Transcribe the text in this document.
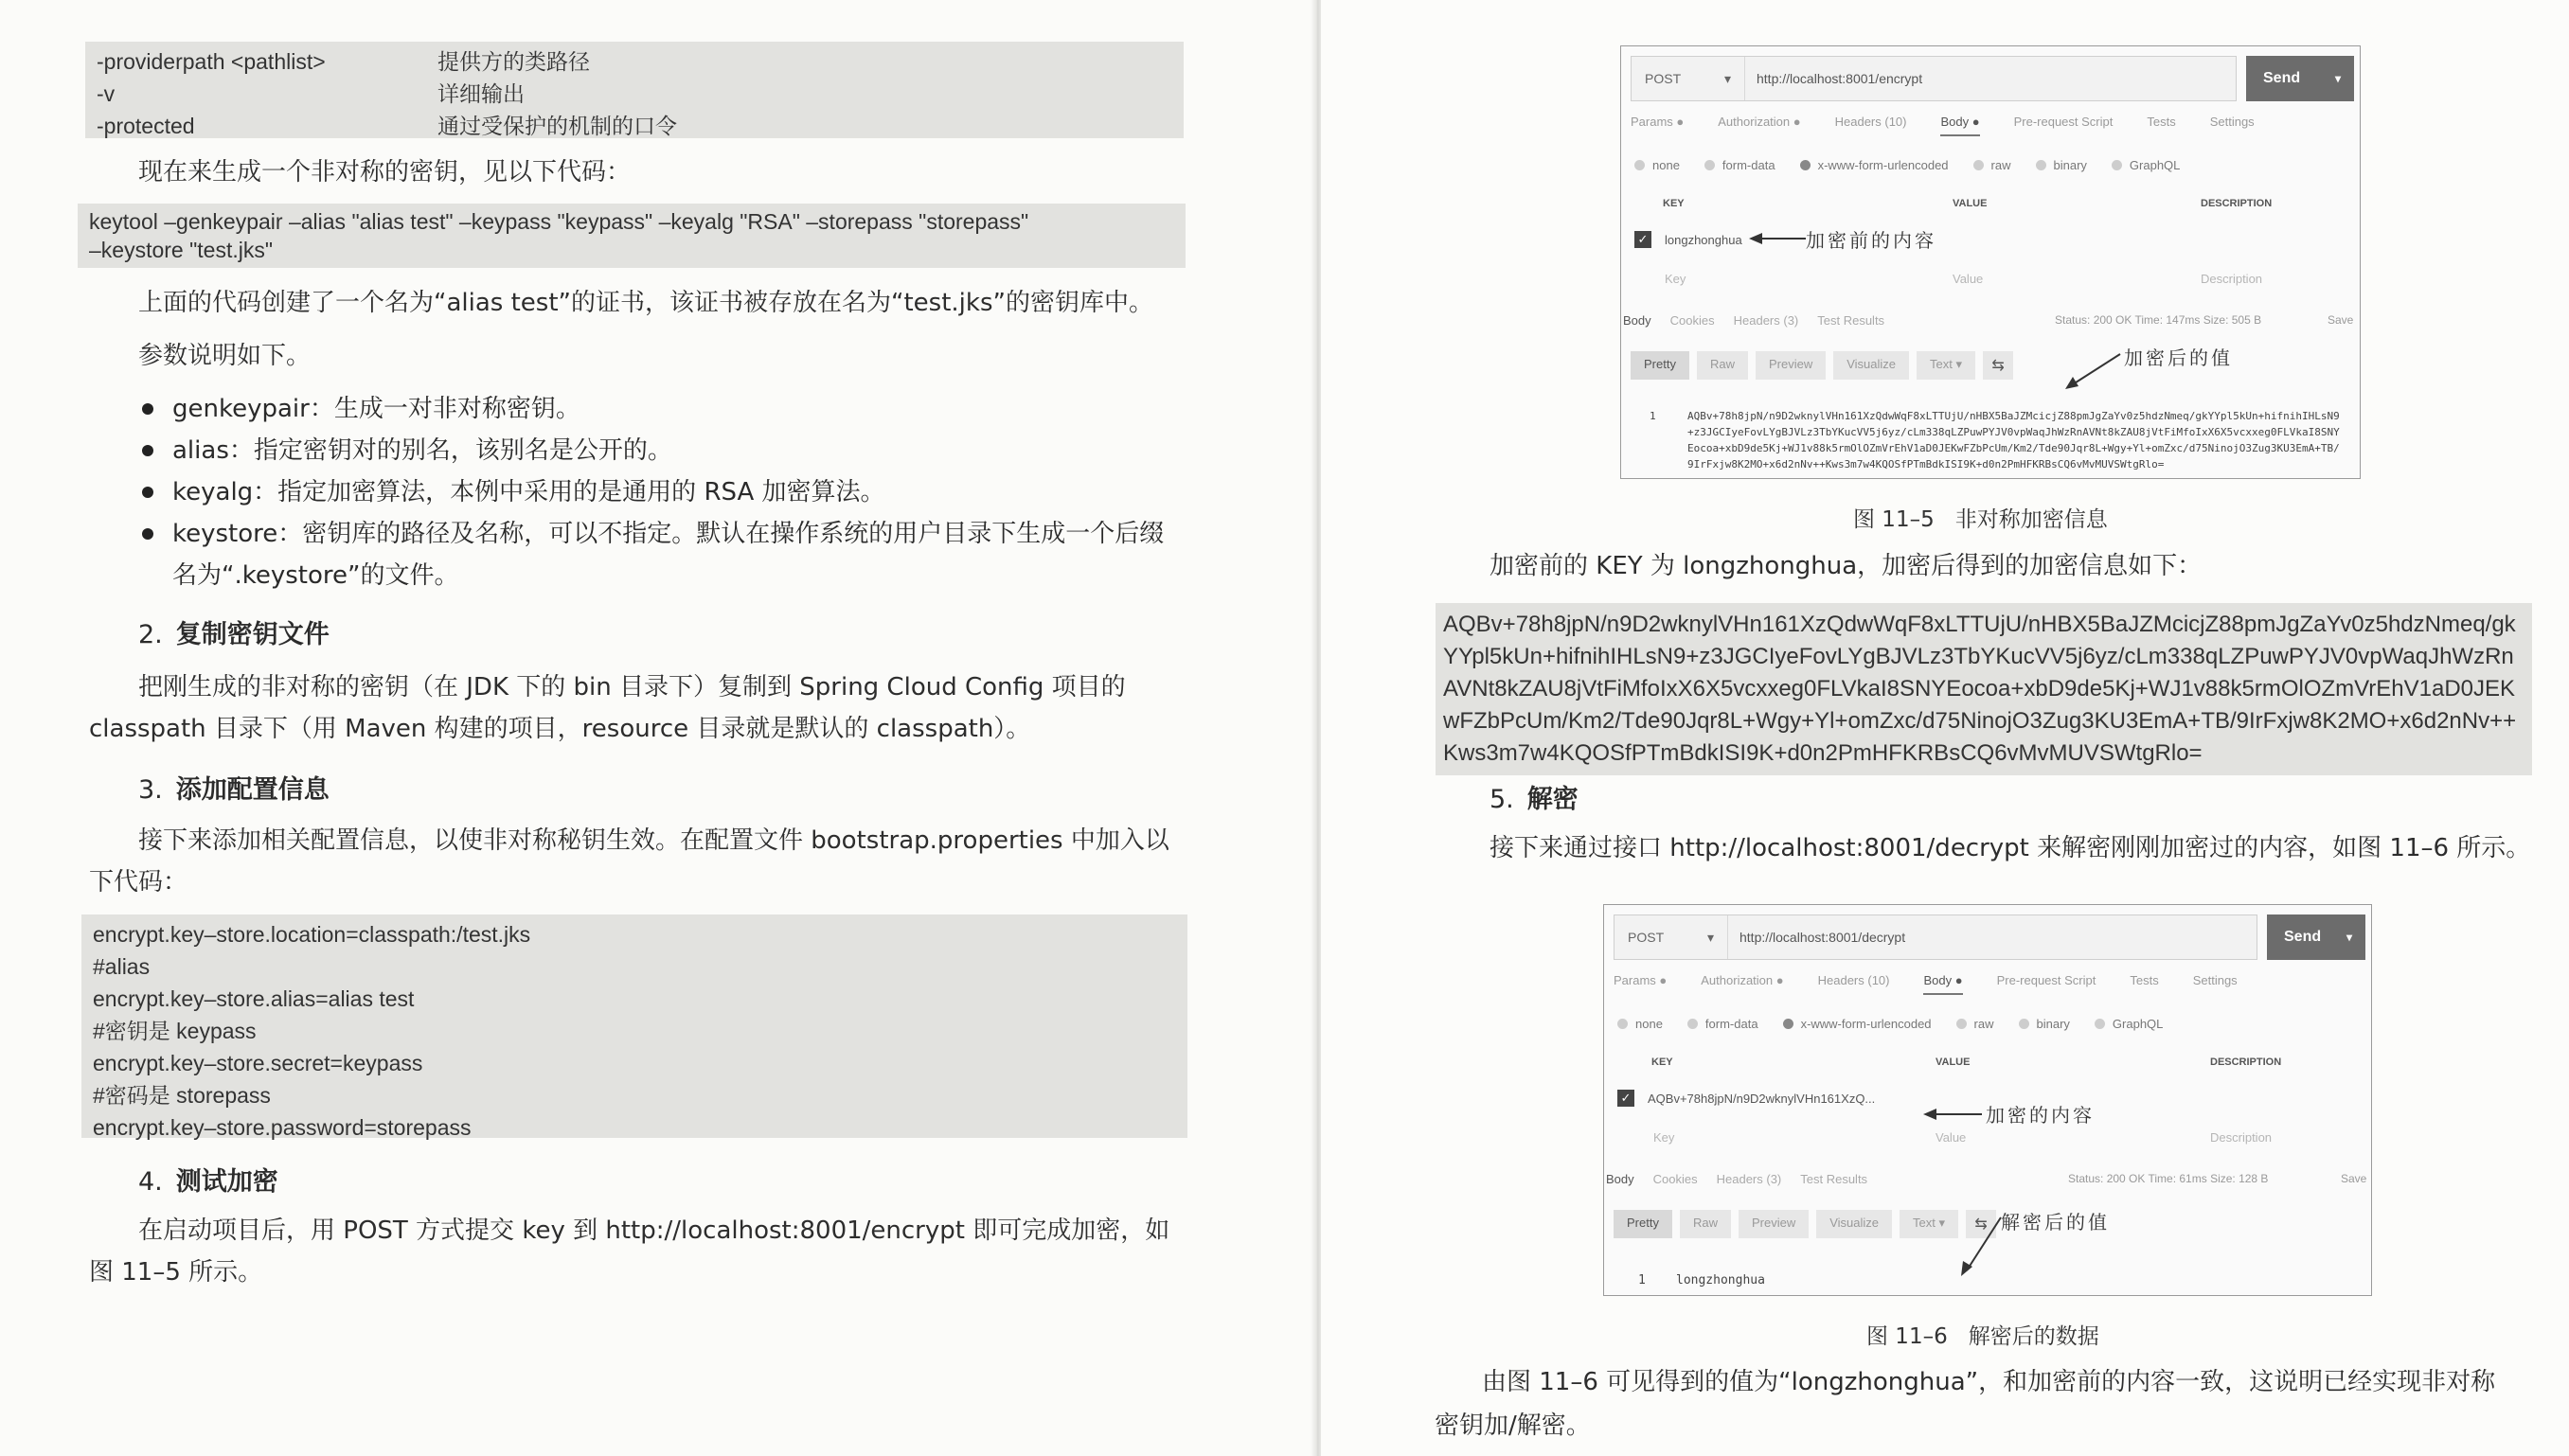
-providerpath <pathlist>	提供方的类路径
-v	详细输出
-protected	通过受保护的机制的口令
现在来生成一个非对称的密钥，见以下代码：
keytool –genkeypair –alias "alias test" –keypass "keypass" –keyalg "RSA" –storepass "storepass"
–keystore "test.jks"
上面的代码创建了一个名为“alias test”的证书，该证书被存放在名为“test.jks”的密钥库中。
参数说明如下。
genkeypair：生成一对非对称密钥。
alias：指定密钥对的别名，该别名是公开的。
keyalg：指定加密算法，本例中采用的是通用的 RSA 加密算法。
keystore：密钥库的路径及名称，可以不指定。默认在操作系统的用户目录下生成一个后缀
名为“.keystore”的文件。
2. 复制密钥文件
把刚生成的非对称的密钥（在 JDK 下的 bin 目录下）复制到 Spring Cloud Config 项目的
classpath 目录下（用 Maven 构建的项目，resource 目录就是默认的 classpath）。
3. 添加配置信息
接下来添加相关配置信息，以使非对称秘钥生效。在配置文件 bootstrap.properties 中加入以
下代码：
encrypt.key–store.location=classpath:/test.jks
#alias
encrypt.key–store.alias=alias test
#密钥是 keypass
encrypt.key–store.secret=keypass
#密码是 storepass
encrypt.key–store.password=storepass
4. 测试加密
在启动项目后，用 POST 方式提交 key 到 http://localhost:8001/encrypt 即可完成加密，如
图 11–5 所示。
POST	▾	http://localhost:8001/encrypt	Send	▾
Params ●	Authorization ●	Headers (10)	Body ●	Pre-request Script	Tests	Settings
none	form-data	x-www-form-urlencoded	raw	binary	GraphQL
KEY	VALUE	DESCRIPTION
✓ longzhonghua
Key	Value	Description
Body Cookies Headers (3) Test Results	Status: 200 OK Time: 147ms Size: 505 B	Save
Pretty	Raw	Preview	Visualize	Text ▾	⇆
1	AQBv+78h8jpN/n9D2wknylVHn161XzQdwWqF8xLTTUjU/nHBX5BaJZMcicjZ88pmJgZaYv0z5hdzNmeq/gkYYpl5kUn+hifnihIHLsN9+z3JGCIyeFovLYgBJVLz3TbYKucVV5j6yz/cLm338qLZPuwPYJV0vpWaqJhWzRnAVNt8kZAU8jVtFiMfoIxX6X5vcxxeg0FLVkaI8SNYEocoa+xbD9de5Kj+WJ1v88k5rmOlOZmVrEhV1aD0JEKwFZbPcUm/Km2/Tde90Jqr8L+Wgy+Yl+omZxc/d75NinojO3Zug3KU3EmA+TB/9IrFxjw8K2MO+x6d2nNv++Kws3m7w4KQOSfPTmBdkISI9K+d0n2PmHFKRBsCQ6vMvMUVSWtgRlo=
加密前的内容
加密后的值
图 11–5 非对称加密信息
加密前的 KEY 为 longzhonghua，加密后得到的加密信息如下：
AQBv+78h8jpN/n9D2wknylVHn161XzQdwWqF8xLTTUjU/nHBX5BaJZMcicjZ88pmJgZaYv0z5hdzNmeq/gkYYpl5kUn+hifnihIHLsN9+z3JGCIyeFovLYgBJVLz3TbYKucVV5j6yz/cLm338qLZPuwPYJV0vpWaqJhWzRnAVNt8kZAU8jVtFiMfoIxX6X5vcxxeg0FLVkaI8SNYEocoa+xbD9de5Kj+WJ1v88k5rmOlOZmVrEhV1aD0JEKwFZbPcUm/Km2/Tde90Jqr8L+Wgy+Yl+omZxc/d75NinojO3Zug3KU3EmA+TB/9IrFxjw8K2MO+x6d2nNv++Kws3m7w4KQOSfPTmBdkISI9K+d0n2PmHFKRBsCQ6vMvMUVSWtgRlo=
5. 解密
接下来通过接口 http://localhost:8001/decrypt 来解密刚刚加密过的内容，如图 11–6 所示。
POST	▾	http://localhost:8001/decrypt	Send ▾
Params ●	Authorization ●	Headers (10)	Body ●	Pre-request Script	Tests	Settings
none	form-data	x-www-form-urlencoded	raw	binary	GraphQL
KEY	VALUE	DESCRIPTION
✓ AQBv+78h8jpN/n9D2wknylVHn161XzQ...
Key	Value	Description
Body Cookies Headers (3) Test Results	Status: 200 OK Time: 61ms Size: 128 B	Save
Pretty	Raw	Preview	Visualize	Text ▾	⇆
1 longzhonghua
加密的内容
解密后的值
图 11–6 解密后的数据
由图 11–6 可见得到的值为“longzhonghua”，和加密前的内容一致，这说明已经实现非对称
密钥加/解密。
